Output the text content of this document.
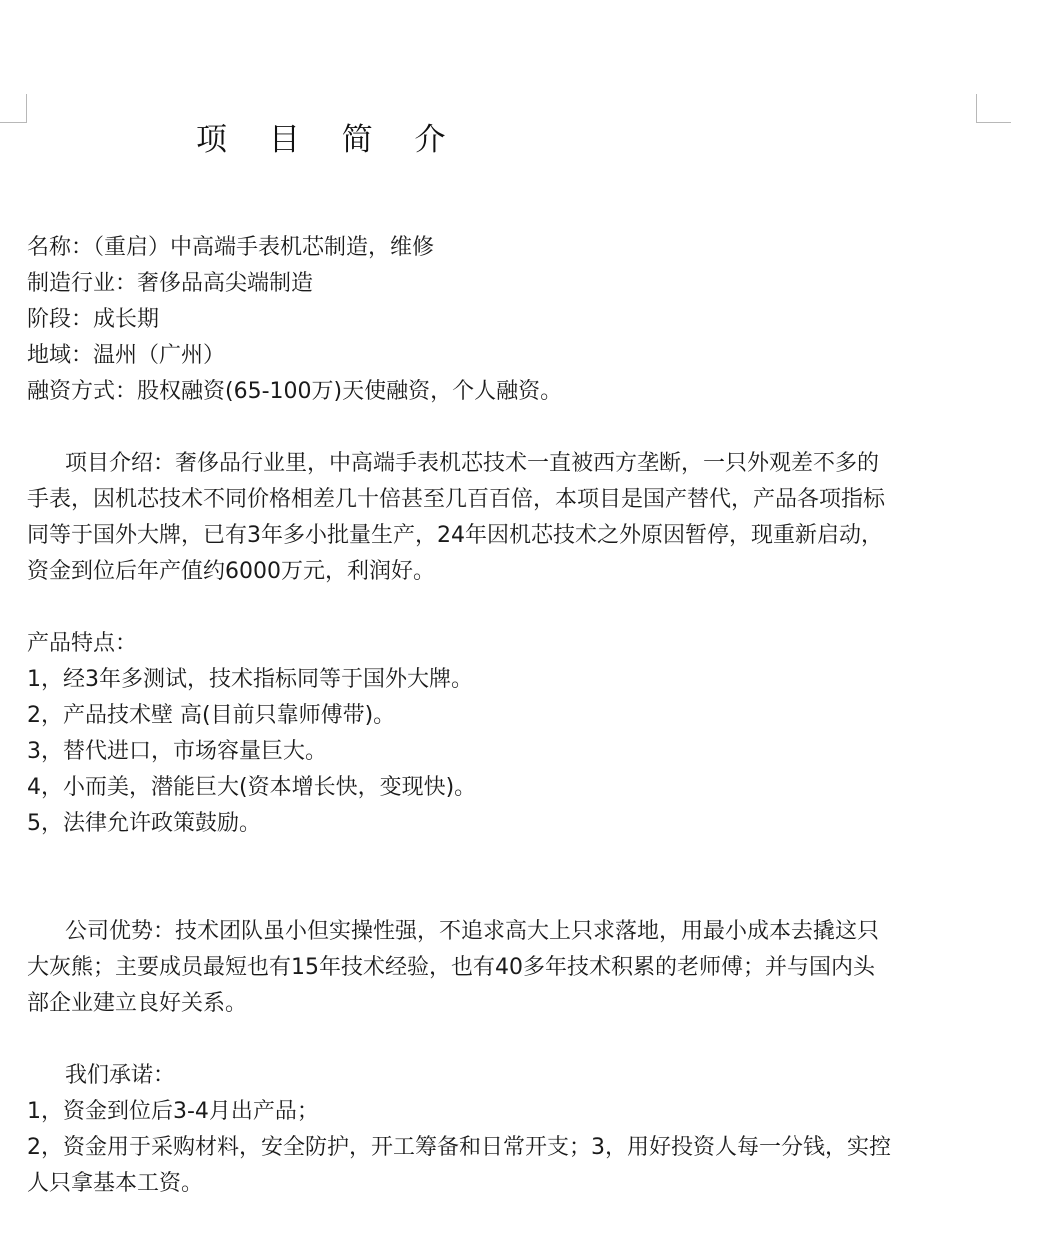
项 目 简 介
名称：（重启）中高端手表机芯制造，维修
制造行业：奢侈品高尖端制造
阶段：成长期
地域：温州（广州）
融资方式：股权融资(65-100万)天使融资，个人融资。
项目介绍：奢侈品行业里，中高端手表机芯技术一直被西方垄断，一只外观差不多的
手表，因机芯技术不同价格相差几十倍甚至几百百倍，本项目是国产替代，产品各项指标
同等于国外大牌，已有3年多小批量生产，24年因机芯技术之外原因暂停，现重新启动，
资金到位后年产值约6000万元，利润好。
产品特点：
1，经3年多测试，技术指标同等于国外大牌。
2，产品技术壁 高(目前只靠师傅带)。
3，替代进口，市场容量巨大。
4，小而美，潜能巨大(资本增长快，变现快)。
5，法律允许政策鼓励。
公司优势：技术团队虽小但实操性强，不追求高大上只求落地，用最小成本去撬这只
大灰熊；主要成员最短也有15年技术经验，也有40多年技术积累的老师傅；并与国内头
部企业建立良好关系。
我们承诺：
1，资金到位后3-4月出产品；
2，资金用于采购材料，安全防护，开工筹备和日常开支；3，用好投资人每一分钱，实控
人只拿基本工资。
